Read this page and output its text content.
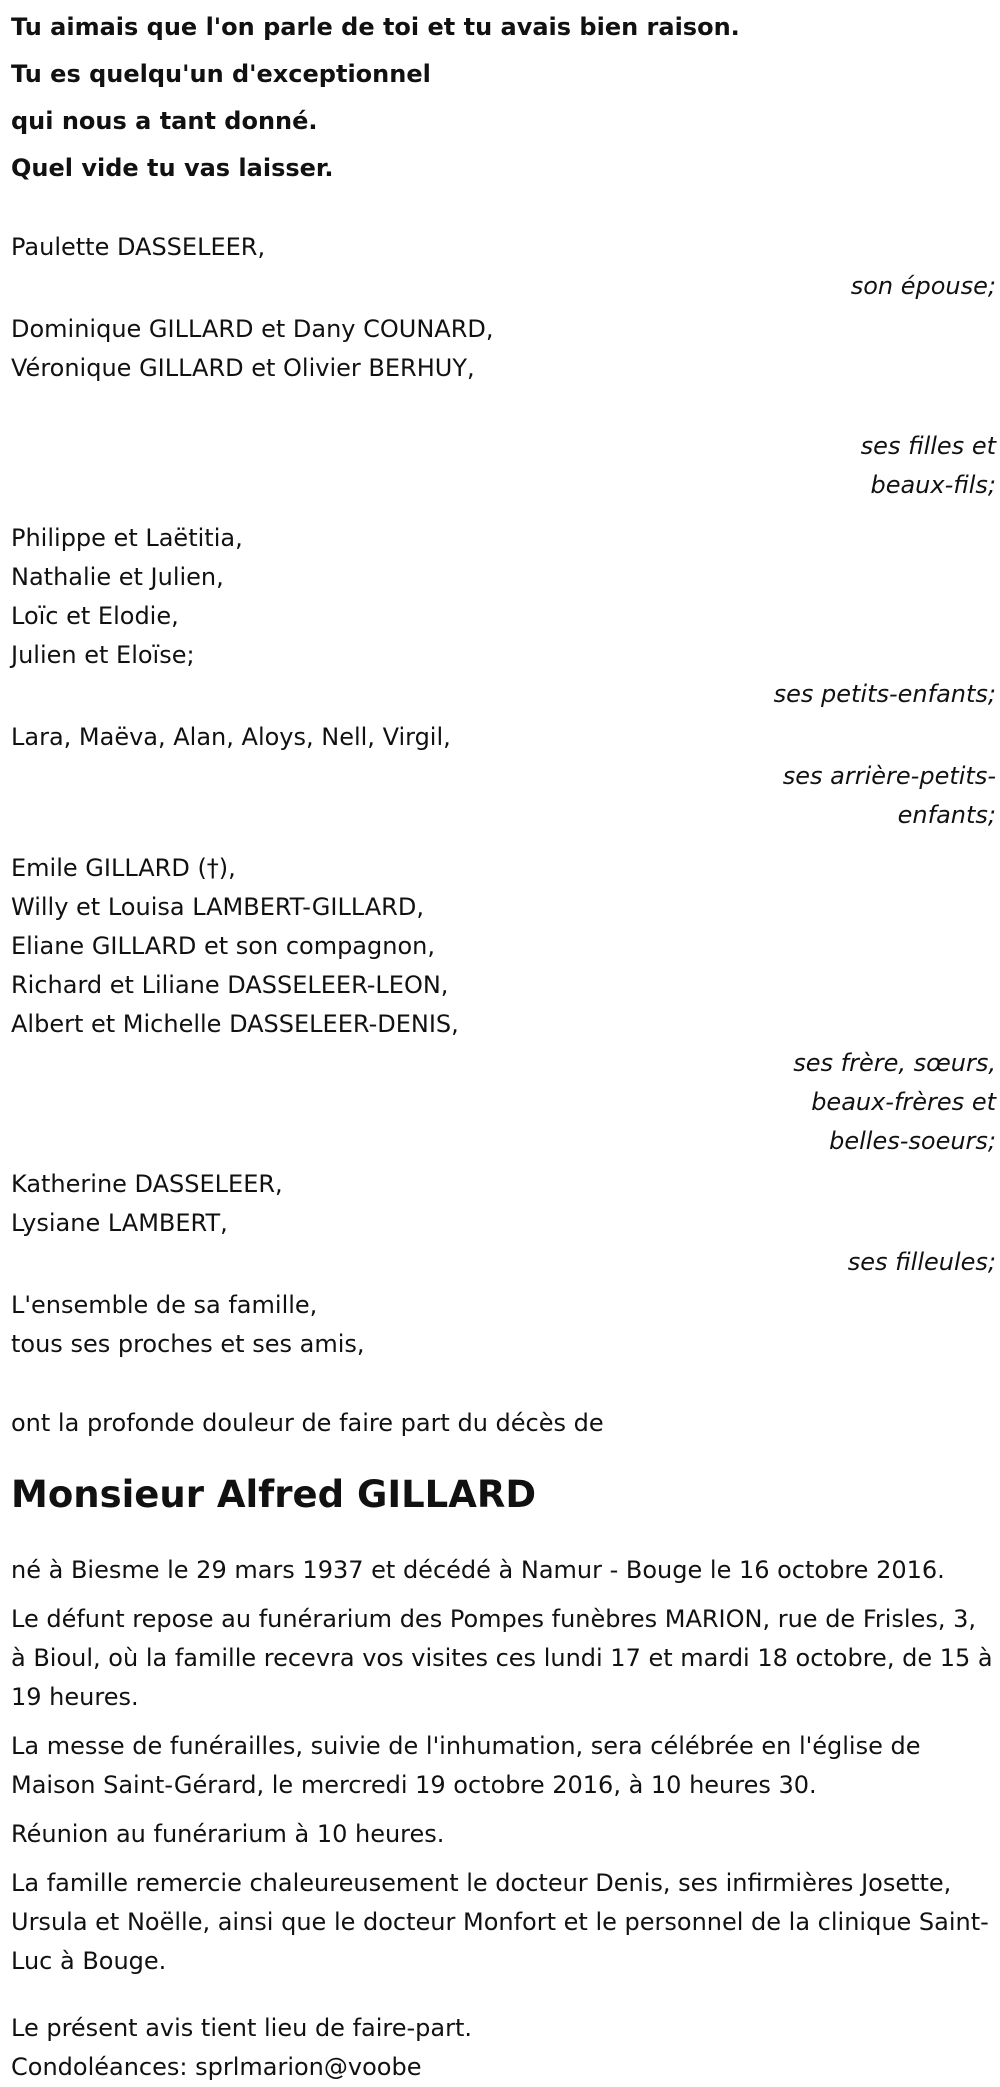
Tu aimais que l'on parle de toi et tu avais bien raison.
Tu es quelqu'un d'exceptionnel
qui nous a tant donné.
Quel vide tu vas laisser.
Paulette DASSELEER,
son épouse;
Dominique GILLARD et Dany COUNARD,
Véronique GILLARD et Olivier BERHUY,
ses filles et
beaux-fils;
Philippe et Laëtitia,
Nathalie et Julien,
Loïc et Elodie,
Julien et Eloïse;
ses petits-enfants;
Lara, Maëva, Alan, Aloys, Nell, Virgil,
ses arrière-petits-
enfants;
Emile GILLARD (†),
Willy et Louisa LAMBERT-GILLARD,
Eliane GILLARD et son compagnon,
Richard et Liliane DASSELEER-LEON,
Albert et Michelle DASSELEER-DENIS,
ses frère, sœurs,
beaux-frères et
belles-soeurs;
Katherine DASSELEER,
Lysiane LAMBERT,
ses filleules;
L'ensemble de sa famille,
tous ses proches et ses amis,
ont la profonde douleur de faire part du décès de
Monsieur Alfred GILLARD
né à Biesme le 29 mars 1937 et décédé à Namur - Bouge le 16 octobre 2016.
Le défunt repose au funérarium des Pompes funèbres MARION, rue de Frisles, 3, à Bioul, où la famille recevra vos visites ces lundi 17 et mardi 18 octobre, de 15 à 19 heures.
La messe de funérailles, suivie de l'inhumation, sera célébrée en l'église de Maison Saint-Gérard, le mercredi 19 octobre 2016, à 10 heures 30.
Réunion au funérarium à 10 heures.
La famille remercie chaleureusement le docteur Denis, ses infirmières Josette, Ursula et Noëlle, ainsi que le docteur Monfort et le personnel de la clinique Saint-Luc à Bouge.
Le présent avis tient lieu de faire-part.
Condoléances: sprlmarion@voobe
